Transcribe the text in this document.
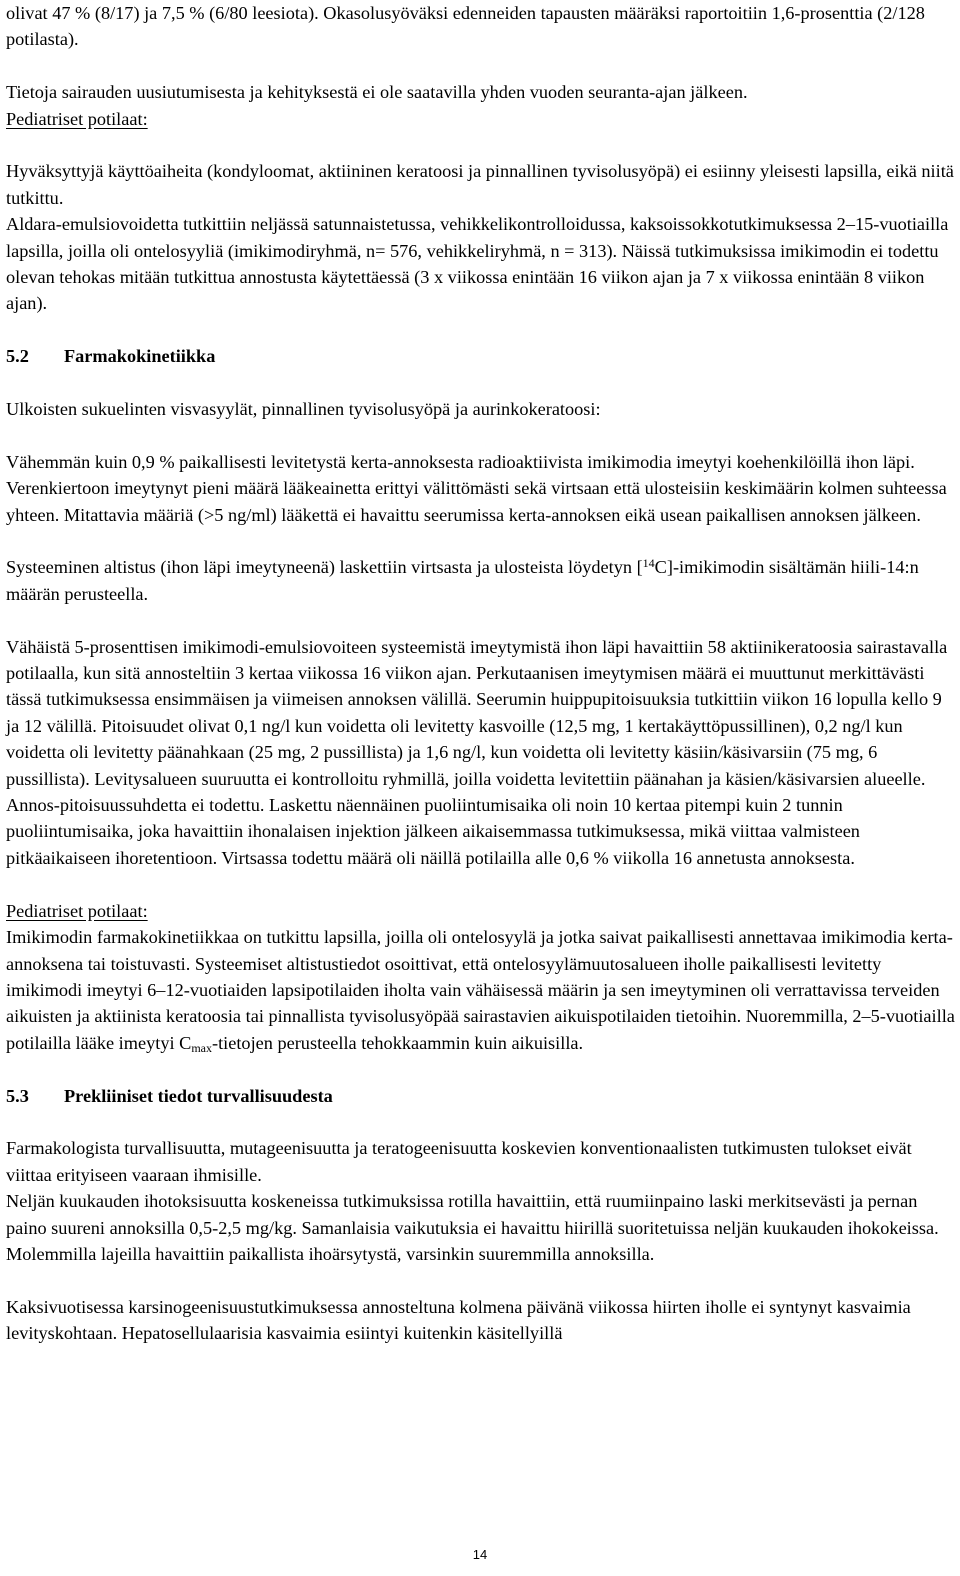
olivat 47 % (8/17) ja 7,5 % (6/80 leesiota). Okasolusyöväksi edenneiden tapausten määräksi raportoitiin 1,6-prosenttia (2/128 potilasta).

Tietoja sairauden uusiutumisesta ja kehityksestä ei ole saatavilla yhden vuoden seuranta-ajan jälkeen.

Pediatriset potilaat:

Hyväksyttyjä käyttöaiheita (kondyloomat, aktiininen keratoosi ja pinnallinen tyvisolusyöpä) ei esiinny yleisesti lapsilla, eikä niitä tutkittu.

Aldara-emulsiovoidetta tutkittiin neljässä satunnaistetussa, vehikkelikontrolloidussa, kaksoissokkotutkimuksessa 2–15-vuotiailla lapsilla, joilla oli ontelosyyliä (imikimodiryhmä, n= 576, vehikkeliryhmä, n = 313). Näissä tutkimuksissa imikimodin ei todettu olevan tehokas mitään tutkittua annostusta käytettäessä (3 x viikossa enintään 16 viikon ajan ja 7 x viikossa enintään 8 viikon ajan).

5.2	Farmakokinetiikka

Ulkoisten sukuelinten visvasyylät, pinnallinen tyvisolusyöpä ja aurinkokeratoosi:

Vähemmän kuin 0,9 % paikallisesti levitetystä kerta-annoksesta radioaktiivista imikimodia imeytyi koehenkilöillä ihon läpi. Verenkiertoon imeytynyt pieni määrä lääkeainetta erittyi välittömästi sekä virtsaan että ulosteisiin keskimäärin kolmen suhteessa yhteen. Mitattavia määriä (>5 ng/ml) lääkettä ei havaittu seerumissa kerta-annoksen eikä usean paikallisen annoksen jälkeen.

Systeeminen altistus (ihon läpi imeytyneenä) laskettiin virtsasta ja ulosteista löydetyn [$^{14}$C]-imikimodin sisältämän hiili-14:n määrän perusteella.

Vähäistä 5-prosenttisen imikimodi-emulsiovoiteen systeemistä imeytymistä ihon läpi havaittiin 58 aktiinikeratoosia sairastavalla potilaalla, kun sitä annosteltiin 3 kertaa viikossa 16 viikon ajan. Perkutaanisen imeytymisen määrä ei muuttunut merkittävästi tässä tutkimuksessa ensimmäisen ja viimeisen annoksen välillä. Seerumin huippupitoisuuksia tutkittiin viikon 16 lopulla kello 9 ja 12 välillä. Pitoisuudet olivat 0,1 ng/l kun voidetta oli levitetty kasvoille (12,5 mg, 1 kertakäyttöpussillinen), 0,2 ng/l kun voidetta oli levitetty päänahkaan (25 mg, 2 pussillista) ja 1,6 ng/l, kun voidetta oli levitetty käsiin/käsivarsiin (75 mg, 6 pussillista). Levitysalueen suuruutta ei kontrolloitu ryhmillä, joilla voidetta levitettiin päänahan ja käsien/käsivarsien alueelle. Annos-pitoisuussuhdetta ei todettu. Laskettu näennäinen puoliintumisaika oli noin 10 kertaa pitempi kuin 2 tunnin puoliintumisaika, joka havaittiin ihonalaisen injektion jälkeen aikaisemmassa tutkimuksessa, mikä viittaa valmisteen pitkäaikaiseen ihoretentioon. Virtsassa todettu määrä oli näillä potilailla alle 0,6 % viikolla 16 annetusta annoksesta.

Pediatriset potilaat:

Imikimodin farmakokinetiikkaa on tutkittu lapsilla, joilla oli ontelosyylä ja jotka saivat paikallisesti annettavaa imikimodia kerta-annoksena tai toistuvasti. Systeemiset altistustiedot osoittivat, että ontelosyylämuutosalueen iholle paikallisesti levitetty imikimodi imeytyi 6–12-vuotiaiden lapsipotilaiden iholta vain vähäisessä määrin ja sen imeytyminen oli verrattavissa terveiden aikuisten ja aktiinista keratoosia tai pinnallista tyvisolusyöpää sairastavien aikuispotilaiden tietoihin. Nuoremmilla, 2–5-vuotiailla potilailla lääke imeytyi $C_{max}$-tietojen perusteella tehokkaammin kuin aikuisilla.

5.3	Prekliiniset tiedot turvallisuudesta

Farmakologista turvallisuutta, mutageenisuutta ja teratogeenisuutta koskevien konventionaalisten tutkimusten tulokset eivät viittaa erityiseen vaaraan ihmisille.

Neljän kuukauden ihotoksisuutta koskeneissa tutkimuksissa rotilla havaittiin, että ruumiinpaino laski merkitsevästi ja pernan paino suureni annoksilla 0,5-2,5 mg/kg. Samanlaisia vaikutuksia ei havaittu hiirillä suoritetuissa neljän kuukauden ihokokeissa. Molemmilla lajeilla havaittiin paikallista ihoärsytystä, varsinkin suuremmilla annoksilla.

Kaksivuotisessa karsinogeenisuustutkimuksessa annosteltuna kolmena päivänä viikossa hiirten iholle ei syntynyt kasvaimia levityskohtaan. Hepatosellulaarisia kasvaimia esiintyi kuitenkin käsitellyillä

14
